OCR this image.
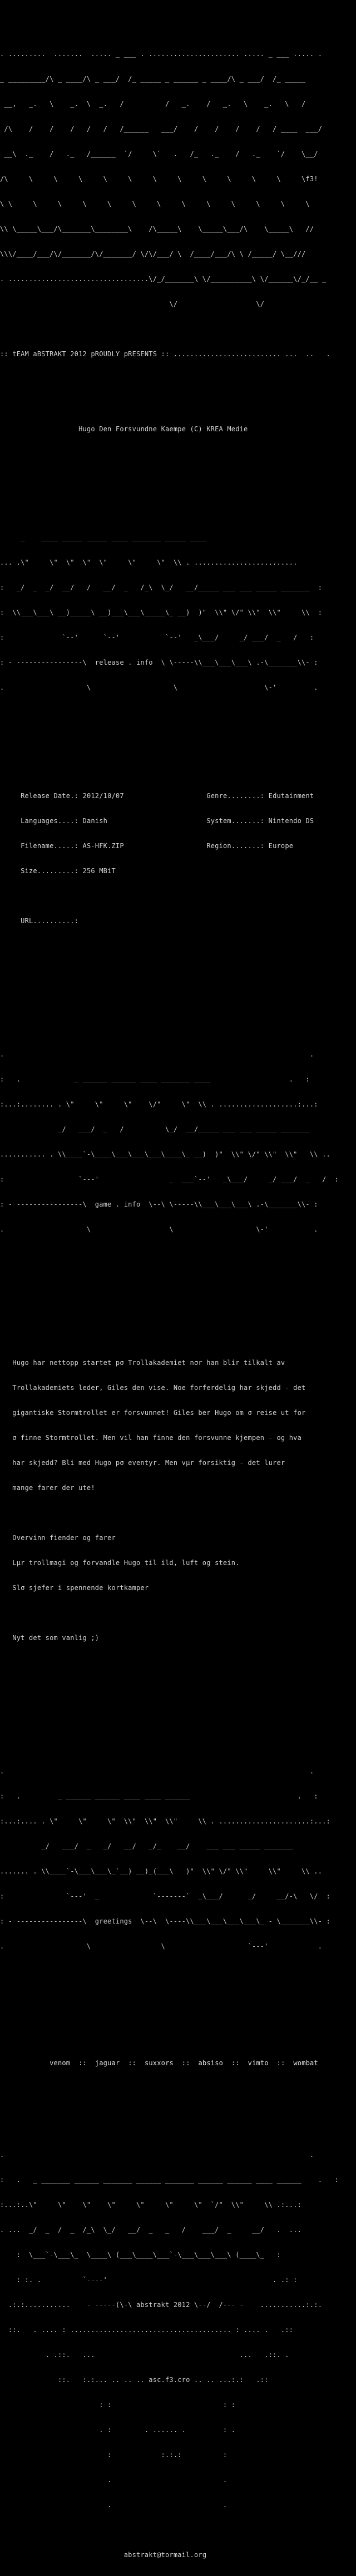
. .........  .......  ..... _ ___ . ...................... ..... _ ___ ..... .

_ _________/\ _ ____/\ _ ___/  /_ _____ _ ______ _ ____/\ _ ___/  /_ _____

__,   _.   \    _.  \  _.   /          /   _.    /   _.   \    _.   \   /

/\    /    /    /   /   /   /______   ___/    /    /    /    /   / ____  ___/

__\  ._    /   ._   /______  `/     \`   .   /_   ._    /   ._    `/    \__/

/\     \     \     \     \     \     \     \     \     \     \     \     \f3!

\ \     \     \     \     \     \     \     \     \     \     \     \     \

\\ \_____\___/\_______\________\    /\_____\    \_____\___/\    \_____\   //

\\\/____/___/\/_______/\/_______/ \/\/___/ \  /____/___/\ \ /_____/ \__///

. ..................................\/_/_______\ \/__________\ \/______\/_/__ _

\/                   \/

:: tEAM aBSTRAKT 2012 pROUDLY pRESENTS :: .......................... ...  ..   .

Hugo Den Forsvundne Kaempe (C) KREA Medie

_    ____ _____ _____ ____ _______ _____ ____

... .\"     \"  \"  \"  \"     \"     \"  \\ . .........................

:   _/  _  _/  __/   /   __/  _   /_\  \_/   __/_____ ___ ___ _____ _______  :

:  \\___\___\ __)_____\ __)___\___\_____\_ __)  )"  \\" \/" \\"  \\"     \\  :

:              `--'      `--'           `--'   _\___/     _/ ___/  _   /   :

: - ----------------\  release . info  \ \-----\\___\___\___\ .-\_______\\- :

.                    \                    \                     \-'         .

Release Date.: 2012/10/07	Genre........: Edutainment

Languages....: Danish	System.......: Nintendo DS

Filename.....: AS-HFK.ZIP	Region.......: Europe

Size.........: 256 MBiT

URL..........:

.                                                                          .

:   .             _ ______ ______ ____ _______ ____                   .   :

:...:........ . \"     \"     \"    \/"     \"  \\ . ...................:...:

_/   ___/  _   /          \_/  __/_____ ___ ___ _____ _______

........... . \\____`-\____\___\___\___\____\_ __)  )"  \\" \/" \\"  \\"   \\ ..

:                  `---'                 _  ___`--'   _\___/     _/ ___/  _   /  :

: - ----------------\  game . info  \--\ \-----\\___\___\___\ .-\_______\\- :

.                    \                   \                    \-'           .

Hugo har nettopp startet pσ Trollakademiet nσr han blir tilkalt av

Trollakademiets leder, Giles den vise. Noe forferdelig har skjedd - det

gigantiske Stormtrollet er forsvunnet! Giles ber Hugo om σ reise ut for

σ finne Stormtrollet. Men vil han finne den forsvunne kjempen - og hva

har skjedd? Bli med Hugo pσ eventyr. Men vµr forsiktig - det lurer

mange farer der ute!

Overvinn fiender og farer

Lµr trollmagi og forvandle Hugo til ild, luft og stein.

Slσ sjefer i spennende kortkamper

Nyt det som vanlig ;)

.                                                                          .

:   .         _ ______ ______ ____ ____ ______                          .   :

:...:.... . \"     \"     \"  \\"  \\"  \\"     \\ . ......................:...:

_/   ___/  _   _/   __/   _/_    __/    ___ ___ _____ _______

....... . \\____`-\___\___\_`__) __)_(___\   )"  \\" \/" \\"     \\"     \\ ..

:               `---'  _             `-------`  _\___/      _/     __/-\   \/  :

: - ----------------\  greetings  \--\  \----\\___\___\___\___\_ - \_______\\- :

.                    \                 \                    `---'            .

venom :: jaguar :: suxxors :: absiso :: vimto :: wombat

.                                                                          .

:   .   _ _______ ______ _______ ______ _______ ______ ______ ____ ______    .   :

:...:..\"     \"    \"    \"     \"     \"     \"  `/"  \\"     \\ .:...:

. ...  _/  _  /  _  /_\  \_/   __/  _   _   /    ___/  _     __/   .  ...

:  \___`-\___\_  \____\ (___\____\___`-\___\___\___\ (____\_   :

: :. .          `----'                                        . .: :

.:.:...........    - -----(\-\ abstrakt 2012 \--/  /--- -    ...........:.:.

::.   . .... : ....................................... : .... .   .::

. .::.   ...                                   ...   .::. .

::.   :.:... .. .. .. asc.f3.cro .. .. ...:.:   .::

: :                           : :

. :        . ...... .         : .

:            :.:.:          :

.                           .

.                           .

abstrakt@tormail.org
